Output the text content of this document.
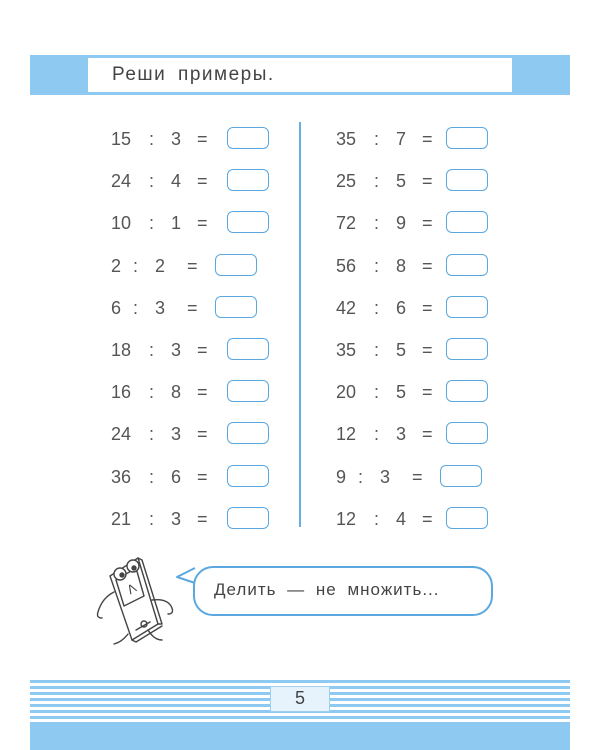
Реши примеры.
15 : 3 =
24 : 4 =
10 : 1 =
2 : 2 =
6 : 3 =
18 : 3 =
16 : 8 =
24 : 3 =
36 : 6 =
21 : 3 =
35 : 7 =
25 : 5 =
72 : 9 =
56 : 8 =
42 : 6 =
35 : 5 =
20 : 5 =
12 : 3 =
9 : 3 =
12 : 4 =
Λ	Делить — не множить...
5
